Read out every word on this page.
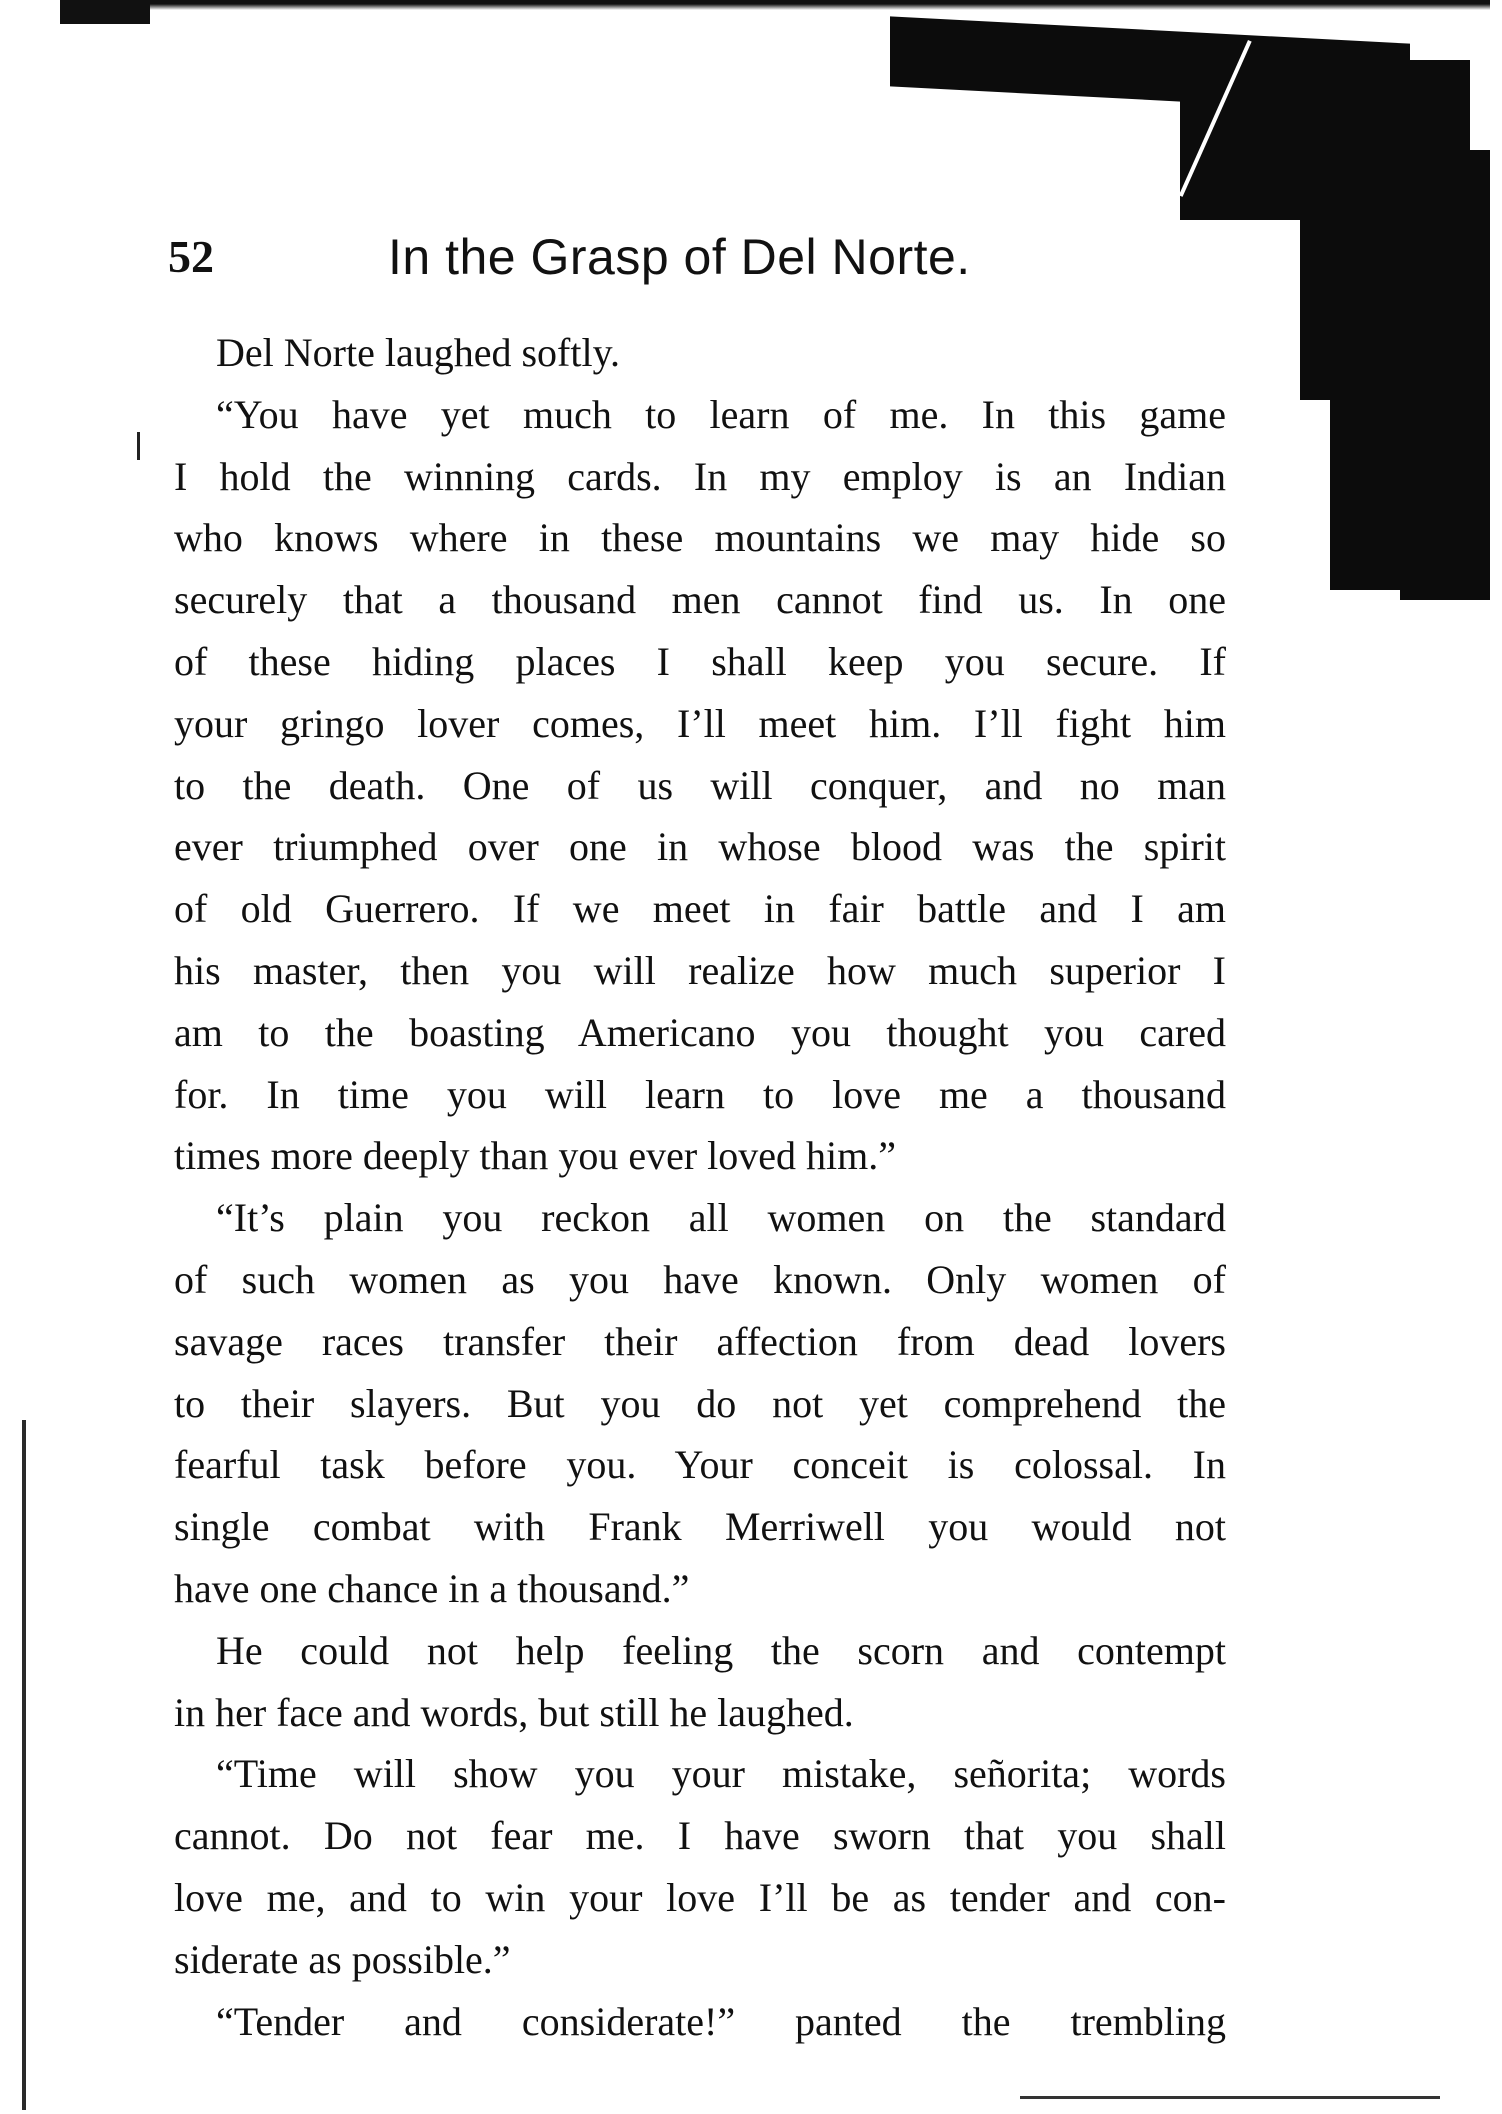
52	In the Grasp of Del Norte.

Del Norte laughed softly.

“You have yet much to learn of me. In this game

I hold the winning cards. In my employ is an Indian

who knows where in these mountains we may hide so

securely that a thousand men cannot find us. In one

of these hiding places I shall keep you secure. If

your gringo lover comes, I’ll meet him. I’ll fight him

to the death. One of us will conquer, and no man

ever triumphed over one in whose blood was the spirit

of old Guerrero. If we meet in fair battle and I am

his master, then you will realize how much superior I

am to the boasting Americano you thought you cared

for. In time you will learn to love me a thousand

times more deeply than you ever loved him.”

“It’s plain you reckon all women on the standard

of such women as you have known. Only women of

savage races transfer their affection from dead lovers

to their slayers. But you do not yet comprehend the

fearful task before you. Your conceit is colossal. In

single combat with Frank Merriwell you would not

have one chance in a thousand.”

He could not help feeling the scorn and contempt

in her face and words, but still he laughed.

“Time will show you your mistake, señorita; words

cannot. Do not fear me. I have sworn that you shall

love me, and to win your love I’ll be as tender and con-

siderate as possible.”

“Tender and considerate!” panted the trembling
